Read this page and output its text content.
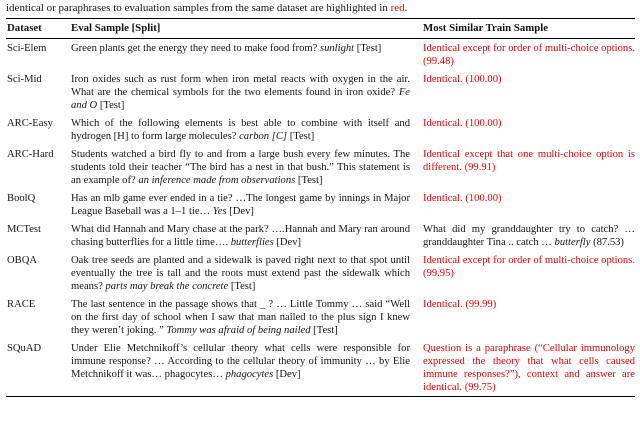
identical or paraphrases to evaluation samples from the same dataset are highlighted in red.

Dataset	Eval Sample [Split]	Most Similar Train Sample
Sci-Elem	Green plants get the energy they need to make food from? sunlight [Test]	Identical except for order of multi-choice options. (99.48)
Sci-Mid	Iron oxides such as rust form when iron metal reacts with oxygen in the air. What are the chemical symbols for the two elements found in iron oxide? Fe and O [Test]	Identical. (100.00)
ARC-Easy	Which of the following elements is best able to combine with itself and hydrogen [H] to form large molecules? carbon [C] [Test]	Identical. (100.00)
ARC-Hard	Students watched a bird fly to and from a large bush every few minutes. The students told their teacher “The bird has a nest in that bush.” This statement is an example of? an inference made from observations [Test]	Identical except that one multi-choice option is different. (99.91)
BoolQ	Has an mlb game ever ended in a tie? …The longest game by innings in Major League Baseball was a 1–1 tie… Yes [Dev]	Identical. (100.00)
MCTest	What did Hannah and Mary chase at the park? ….Hannah and Mary ran around chasing butterflies for a little time…. butterflies [Dev]	What did my granddaughter try to catch? … granddaughter Tina .. catch … butterfly (87.53)
OBQA	Oak tree seeds are planted and a sidewalk is paved right next to that spot until eventually the tree is tall and the roots must extend past the sidewalk which means? parts may break the concrete [Test]	Identical except for order of multi-choice options. (99.95)
RACE	The last sentence in the passage shows that _ ? … Little Tommy … said “Well on the first day of school when I saw that man nailed to the plus sign I knew they weren’t joking. ” Tommy was afraid of being nailed [Test]	Identical. (99.99)
SQuAD	Under Elie Metchnikoff’s cellular theory what cells were responsible for immune response? … According to the cellular theory of immunity … by Elie Metchnikoff it was… phagocytes… phagocytes [Dev]	Question is a paraphrase (“Cellular immunology expressed the theory that what cells caused immune responses?”), context and answer are identical. (99.75)
